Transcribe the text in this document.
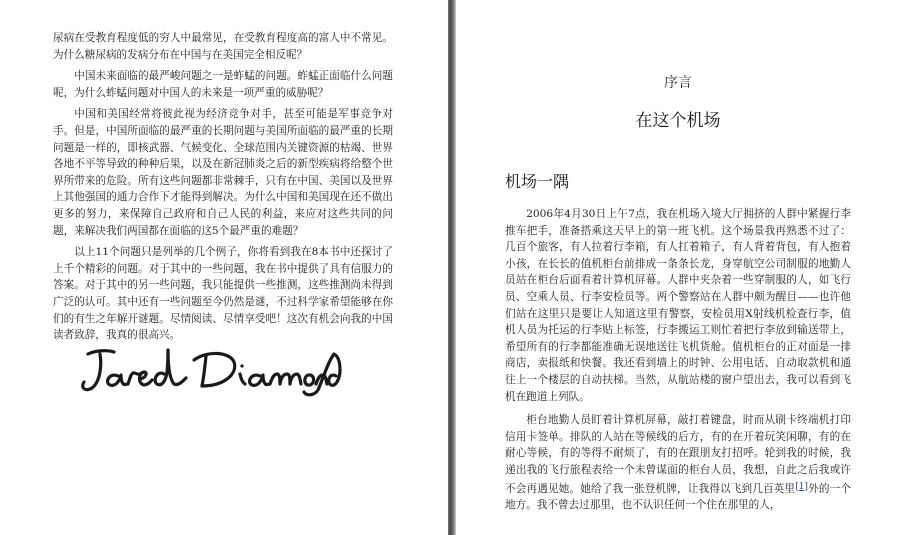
尿病在受教育程度低的穷人中最常见，在受教育程度高的富人中不常见。为什么糖尿病的发病分布在中国与在美国完全相反呢？

中国未来面临的最严峻问题之一是蚱蜢的问题。蚱蜢正面临什么问题呢，为什么蚱蜢问题对中国人的未来是一项严重的威胁呢？

中国和美国经常将彼此视为经济竞争对手，甚至可能是军事竞争对手。但是，中国所面临的最严重的长期问题与美国所面临的最严重的长期问题是一样的，即核武器、气候变化、全球范围内关键资源的枯竭、世界各地不平等导致的种种后果，以及在新冠肺炎之后的新型疾病将给整个世界所带来的危险。所有这些问题都非常棘手，只有在中国、美国以及世界上其他强国的通力合作下才能得到解决。为什么中国和美国现在还不做出更多的努力，来保障自己政府和自己人民的利益，来应对这些共同的问题，来解决我们两国都在面临的这5个最严重的难题？

以上11个问题只是列举的几个例子，你将看到我在8本书中还探讨了上千个精彩的问题。对于其中的一些问题，我在书中提供了具有信服力的答案。对于其中的另一些问题，我只能提供一些推测，这些推测尚未得到广泛的认可。其中还有一些问题至今仍然是谜，不过科学家希望能够在你们的有生之年解开谜题。尽情阅读、尽情享受吧！这次有机会向我的中国读者致辞，我真的很高兴。

序言
在这个机场
机场一隅

2006年4月30日上午7点，我在机场入境大厅拥挤的人群中紧握行李推车把手，准备搭乘这天早上的第一班飞机。这个场景我再熟悉不过了：几百个旅客，有人拉着行李箱，有人扛着箱子，有人背着背包，有人抱着小孩，在长长的值机柜台前排成一条条长龙，身穿航空公司制服的地勤人员站在柜台后面看着计算机屏幕。人群中夹杂着一些穿制服的人，如飞行员、空乘人员、行李安检员等。两个警察站在人群中颇为醒目——也许他们站在这里只是要让人知道这里有警察，安检员用X射线机检查行李，值机人员为托运的行李贴上标签，行李搬运工则忙着把行李放到输送带上，希望所有的行李都能准确无误地送往飞机货舱。值机柜台的正对面是一排商店，卖报纸和快餐。我还看到墙上的时钟、公用电话、自动取款机和通往上一个楼层的自动扶梯。当然，从航站楼的窗户望出去，我可以看到飞机在跑道上列队。

柜台地勤人员盯着计算机屏幕，敲打着键盘，时而从刷卡终端机打印信用卡签单。排队的人站在等候线的后方，有的在开着玩笑闲聊，有的在耐心等候，有的等得不耐烦了，有的在跟朋友打招呼。轮到我的时候，我递出我的飞行旅程表给一个未曾谋面的柜台人员，我想，自此之后我或许不会再遇见她。她给了我一张登机牌，让我得以飞到几百英里[1]外的一个地方。我不曾去过那里，也不认识任何一个住在那里的人，
